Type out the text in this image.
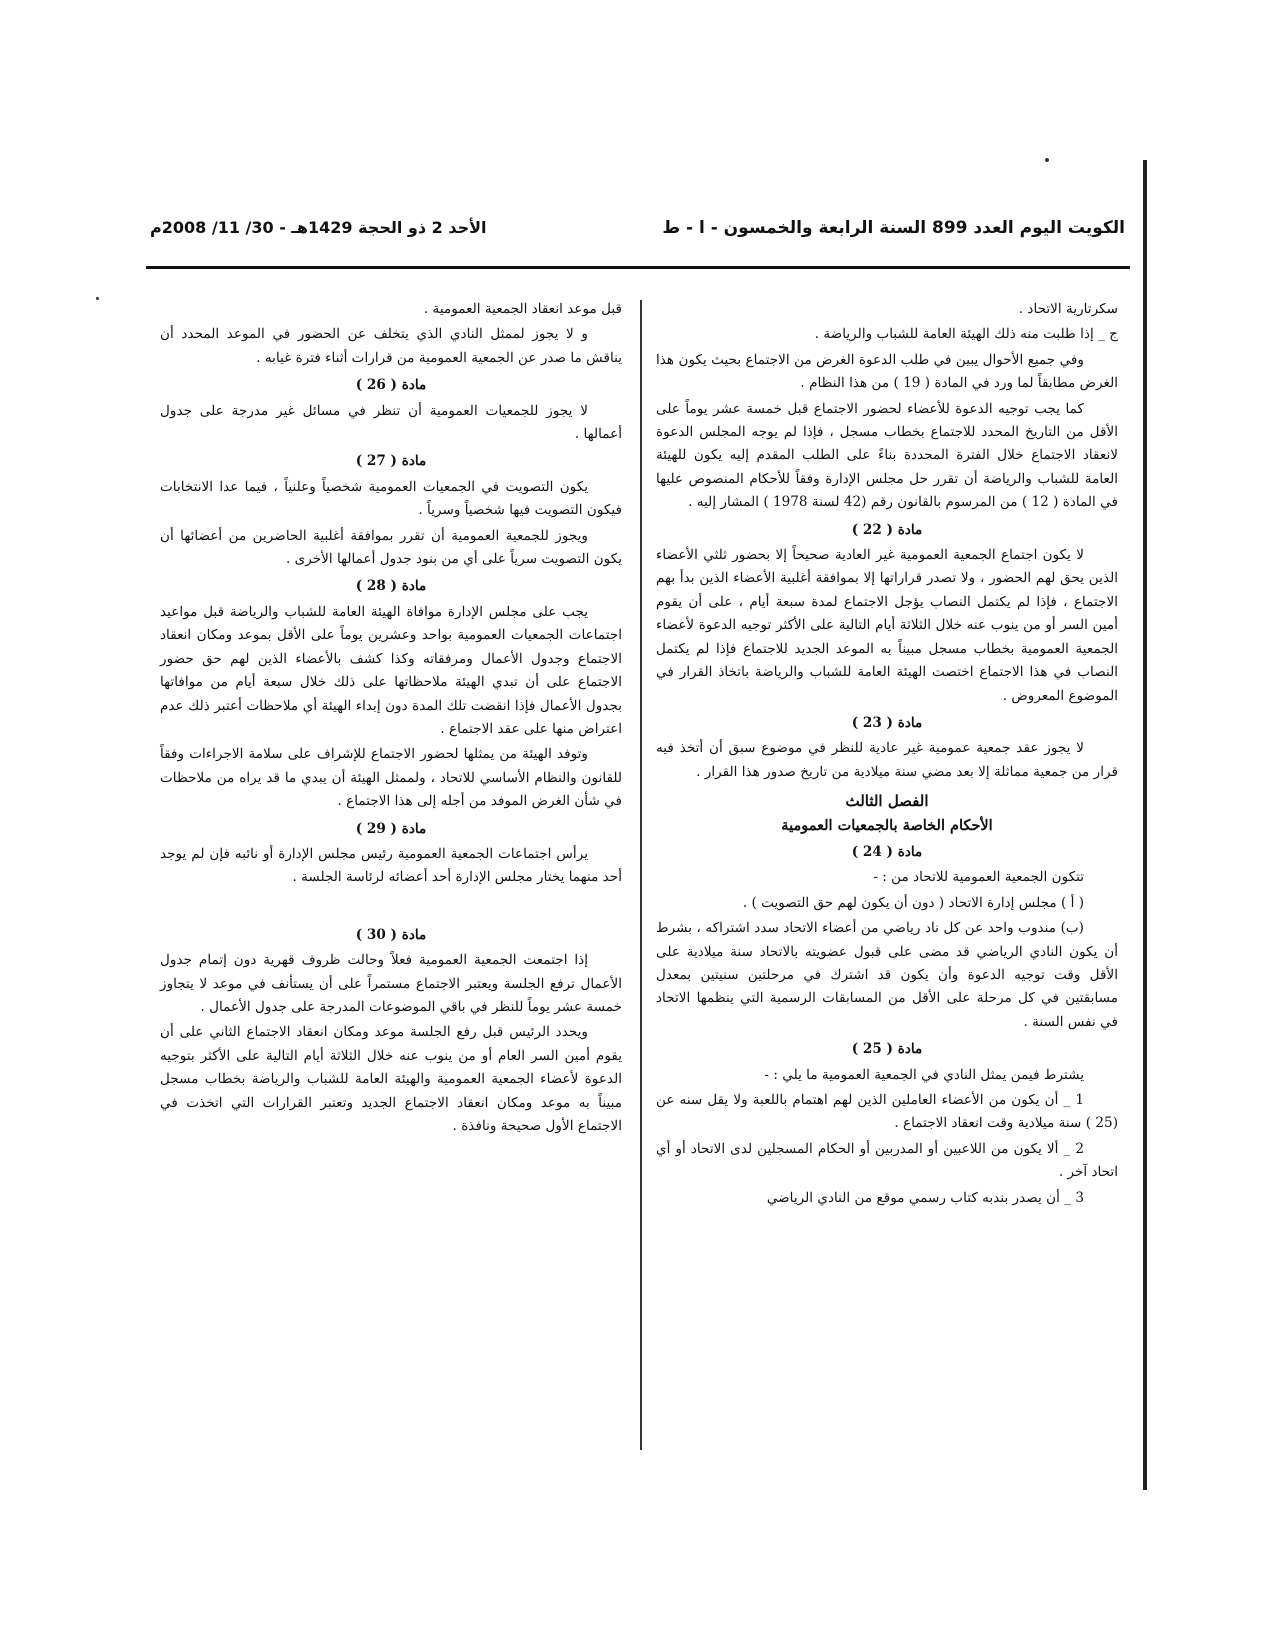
الكويت اليوم العدد 899 السنة الرابعة والخمسون - ا - ط
الأحد 2 ذو الحجة 1429هـ - 30/ 11/ 2008م

سكرتارية الاتحاد .

ج _ إذا طلبت منه ذلك الهيئة العامة للشباب والرياضة .

وفي جميع الأحوال يبين في طلب الدعوة الغرض من الاجتماع بحيث يكون هذا الغرض مطابقاً لما ورد في المادة ( 19 ) من هذا النظام .

كما يجب توجيه الدعوة للأعضاء لحضور الاجتماع قبل خمسة عشر يوماً على الأقل من التاريخ المحدد للاجتماع بخطاب مسجل ، فإذا لم يوجه المجلس الدعوة لانعقاد الاجتماع خلال الفترة المحددة بناءً على الطلب المقدم إليه يكون للهيئة العامة للشباب والرياضة أن تقرر حل مجلس الإدارة وفقاً للأحكام المنصوص عليها في المادة ( 12 ) من المرسوم بالقانون رقم (42 لسنة 1978 ) المشار إليه .

مادة ( 22 )

لا يكون اجتماع الجمعية العمومية غير العادية صحيحاً إلا بحضور ثلثي الأعضاء الذين يحق لهم الحضور ، ولا تصدر قراراتها إلا بموافقة أغلبية الأعضاء الذين بدأ بهم الاجتماع ، فإذا لم يكتمل النصاب يؤجل الاجتماع لمدة سبعة أيام ، على أن يقوم أمين السر أو من ينوب عنه خلال الثلاثة أيام التالية على الأكثر توجيه الدعوة لأعضاء الجمعية العمومية بخطاب مسجل مبيناً به الموعد الجديد للاجتماع فإذا لم يكتمل النصاب في هذا الاجتماع اختصت الهيئة العامة للشباب والرياضة باتخاذ القرار في الموضوع المعروض .

مادة ( 23 )

لا يجوز عقد جمعية عمومية غير عادية للنظر في موضوع سبق أن أتخذ فيه قرار من جمعية مماثلة إلا بعد مضي سنة ميلادية من تاريخ صدور هذا القرار .

الفصل الثالث
الأحكام الخاصة بالجمعيات العمومية
مادة ( 24 )

تتكون الجمعية العمومية للاتحاد من : -

( أ ) مجلس إدارة الاتحاد ( دون أن يكون لهم حق التصويت ) .

(ب) مندوب واحد عن كل ناد رياضي من أعضاء الاتحاد سدد اشتراكه ، بشرط أن يكون النادي الرياضي قد مضى على قبول عضويته بالاتحاد سنة ميلادية على الأقل وقت توجيه الدعوة وأن يكون قد اشترك في مرحلتين سنيتين بمعدل مسابقتين في كل مرحلة على الأقل من المسابقات الرسمية التي ينظمها الاتحاد في نفس السنة .

مادة ( 25 )

يشترط فيمن يمثل النادي في الجمعية العمومية ما يلي : -

1 _ أن يكون من الأعضاء العاملين الذين لهم اهتمام باللعبة ولا يقل سنه عن (25 ) سنة ميلادية وقت انعقاد الاجتماع .

2 _ ألا يكون من اللاعبين أو المدربين أو الحكام المسجلين لدى الاتحاد أو أي اتحاد آخر .

3 _ أن يصدر بندبه كتاب رسمي موقع من النادي الرياضي

قبل موعد انعقاد الجمعية العمومية .

و لا يجوز لممثل النادي الذي يتخلف عن الحضور في الموعد المحدد أن يناقش ما صدر عن الجمعية العمومية من قرارات أثناء فترة غيابه .

مادة ( 26 )

لا يجوز للجمعيات العمومية أن تنظر في مسائل غير مدرجة على جدول أعمالها .

مادة ( 27 )

يكون التصويت في الجمعيات العمومية شخصياً وعلنياً ، فيما عدا الانتخابات فيكون التصويت فيها شخصياً وسرياً .

ويجوز للجمعية العمومية أن تقرر بموافقة أغلبية الحاضرين من أعضائها أن يكون التصويت سرياً على أي من بنود جدول أعمالها الأخرى .

مادة ( 28 )

يجب على مجلس الإدارة موافاة الهيئة العامة للشباب والرياضة قبل مواعيد اجتماعات الجمعيات العمومية بواحد وعشرين يوماً على الأقل بموعد ومكان انعقاد الاجتماع وجدول الأعمال ومرفقاته وكذا كشف بالأعضاء الذين لهم حق حضور الاجتماع على أن تبدي الهيئة ملاحظاتها على ذلك خلال سبعة أيام من موافاتها بجدول الأعمال فإذا انقضت تلك المدة دون إبداء الهيئة أي ملاحظات أعتبر ذلك عدم اعتراض منها على عقد الاجتماع .

وتوفد الهيئة من يمثلها لحضور الاجتماع للإشراف على سلامة الاجراءات وفقاً للقانون والنظام الأساسي للاتحاد ، ولممثل الهيئة أن يبدي ما قد يراه من ملاحظات في شأن الغرض الموفد من أجله إلى هذا الاجتماع .

مادة ( 29 )

يرأس اجتماعات الجمعية العمومية رئيس مجلس الإدارة أو نائبه فإن لم يوجد أحد منهما يختار مجلس الإدارة أحد أعضائه لرئاسة الجلسة .

مادة ( 30 )

إذا اجتمعت الجمعية العمومية فعلاً وحالت ظروف قهرية دون إتمام جدول الأعمال ترفع الجلسة ويعتبر الاجتماع مستمراً على أن يستأنف في موعد لا يتجاوز خمسة عشر يوماً للنظر في باقي الموضوعات المدرجة على جدول الأعمال .

ويحدد الرئيس قبل رفع الجلسة موعد ومكان انعقاد الاجتماع الثاني على أن يقوم أمين السر العام أو من ينوب عنه خلال الثلاثة أيام التالية على الأكثر بتوجيه الدعوة لأعضاء الجمعية العمومية والهيئة العامة للشباب والرياضة بخطاب مسجل مبيناً به موعد ومكان انعقاد الاجتماع الجديد وتعتبر القرارات التي اتخذت في الاجتماع الأول صحيحة ونافذة .
